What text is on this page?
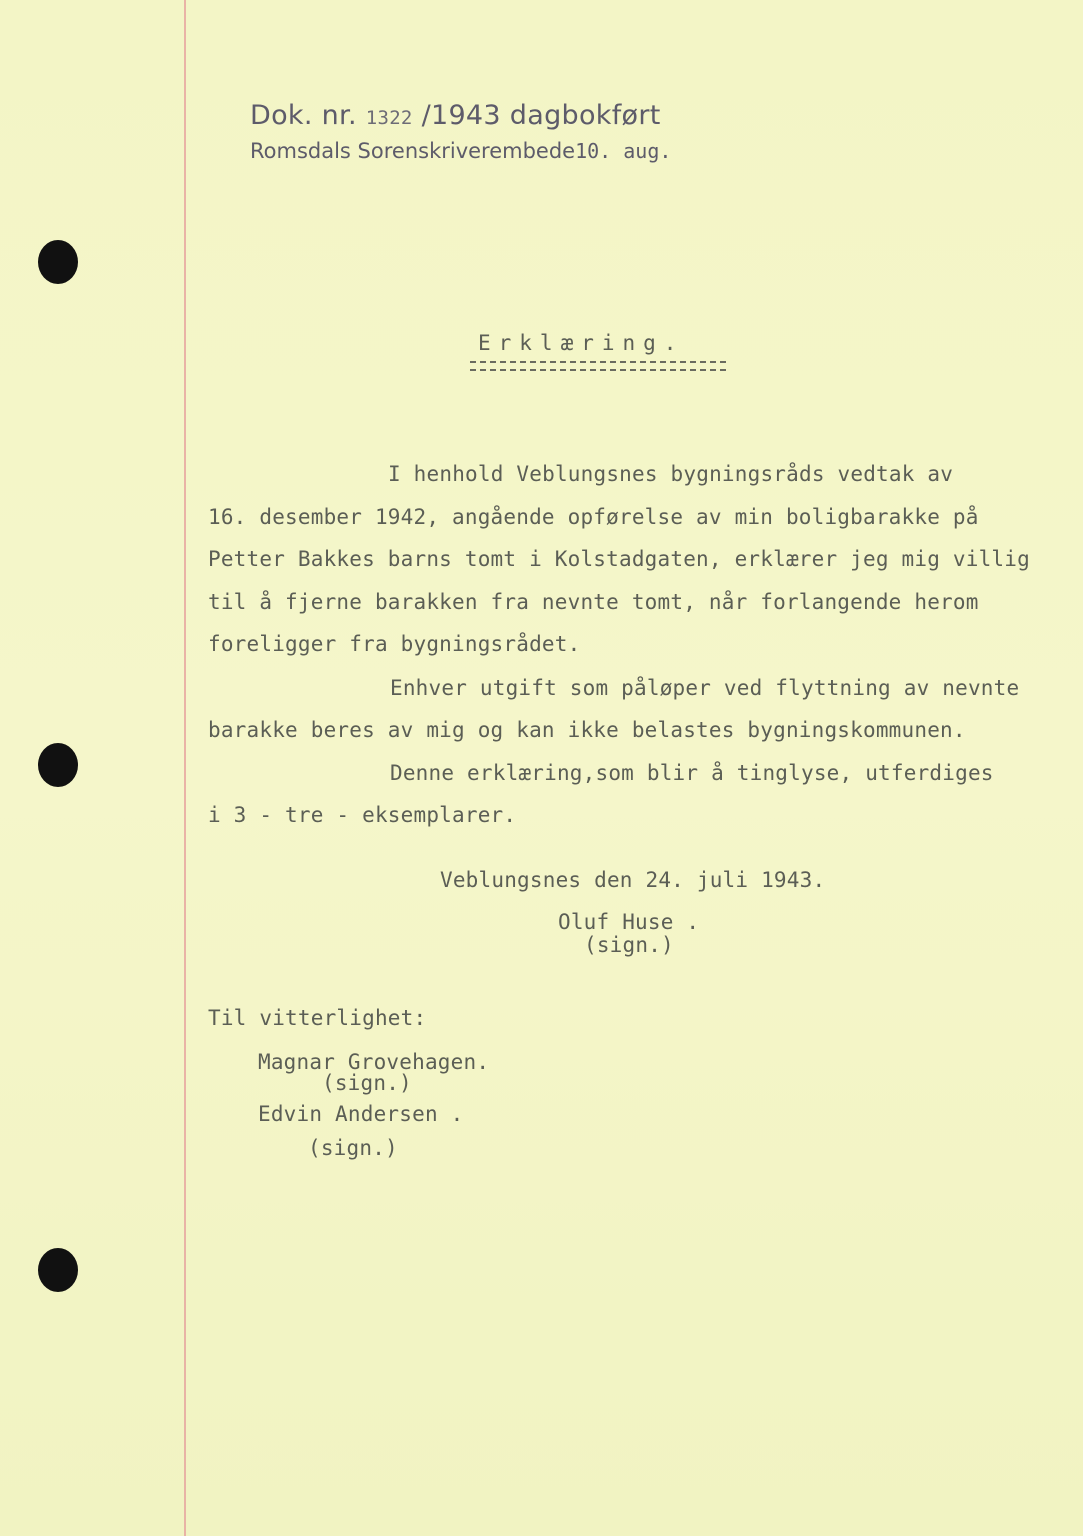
Dok. nr. 1322 /1943 dagbokført
Romsdals Sorenskriverembede10. aug.
Erklæring.
I henhold Veblungsnes bygningsråds vedtak av
16. desember 1942, angående opførelse av min boligbarakke på
Petter Bakkes barns tomt i Kolstadgaten, erklærer jeg mig villig
til å fjerne barakken fra nevnte tomt, når forlangende herom
foreligger fra bygningsrådet.
Enhver utgift som påløper ved flyttning av nevnte
barakke beres av mig og kan ikke belastes bygningskommunen.
Denne erklæring,som blir å tinglyse, utferdiges
i 3 - tre - eksemplarer.
Veblungsnes den 24. juli 1943.
Oluf Huse .
(sign.)
Til vitterlighet:
Magnar Grovehagen.
(sign.)
Edvin Andersen .
(sign.)
